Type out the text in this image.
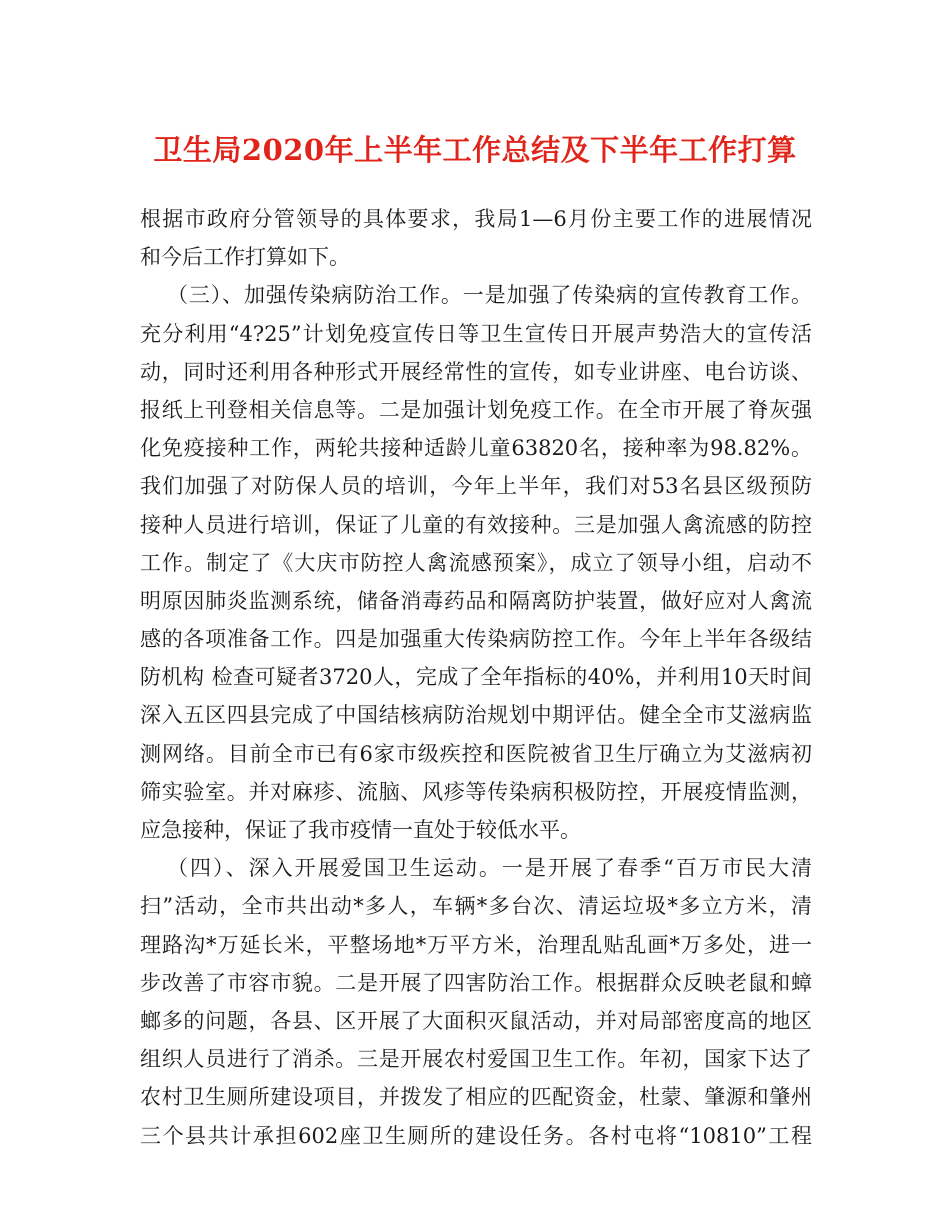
卫生局2020年上半年工作总结及下半年工作打算
根据市政府分管领导的具体要求，我局1—6月份主要工作的进展情况
和今后工作打算如下。
（三）、加强传染病防治工作。一是加强了传染病的宣传教育工作。
充分利用“4?25”计划免疫宣传日等卫生宣传日开展声势浩大的宣传活
动，同时还利用各种形式开展经常性的宣传，如专业讲座、电台访谈、
报纸上刊登相关信息等。二是加强计划免疫工作。在全市开展了脊灰强
化免疫接种工作，两轮共接种适龄儿童63820名，接种率为98.82%。
我们加强了对防保人员的培训，今年上半年，我们对53名县区级预防
接种人员进行培训，保证了儿童的有效接种。三是加强人禽流感的防控
工作。制定了《大庆市防控人禽流感预案》，成立了领导小组，启动不
明原因肺炎监测系统，储备消毒药品和隔离防护装置，做好应对人禽流
感的各项准备工作。四是加强重大传染病防控工作。今年上半年各级结
防机构 检查可疑者3720人，完成了全年指标的40%，并利用10天时间
深入五区四县完成了中国结核病防治规划中期评估。健全全市艾滋病监
测网络。目前全市已有6家市级疾控和医院被省卫生厅确立为艾滋病初
筛实验室。并对麻疹、流脑、风疹等传染病积极防控，开展疫情监测，
应急接种，保证了我市疫情一直处于较低水平。
（四）、深入开展爱国卫生运动。一是开展了春季“百万市民大清
扫”活动，全市共出动*多人，车辆*多台次、清运垃圾*多立方米，清
理路沟*万延长米，平整场地*万平方米，治理乱贴乱画*万多处，进一
步改善了市容市貌。二是开展了四害防治工作。根据群众反映老鼠和蟑
螂多的问题，各县、区开展了大面积灭鼠活动，并对局部密度高的地区
组织人员进行了消杀。三是开展农村爱国卫生工作。年初，国家下达了
农村卫生厕所建设项目，并拨发了相应的匹配资金，杜蒙、肇源和肇州
三个县共计承担602座卫生厕所的建设任务。各村屯将“10810”工程
